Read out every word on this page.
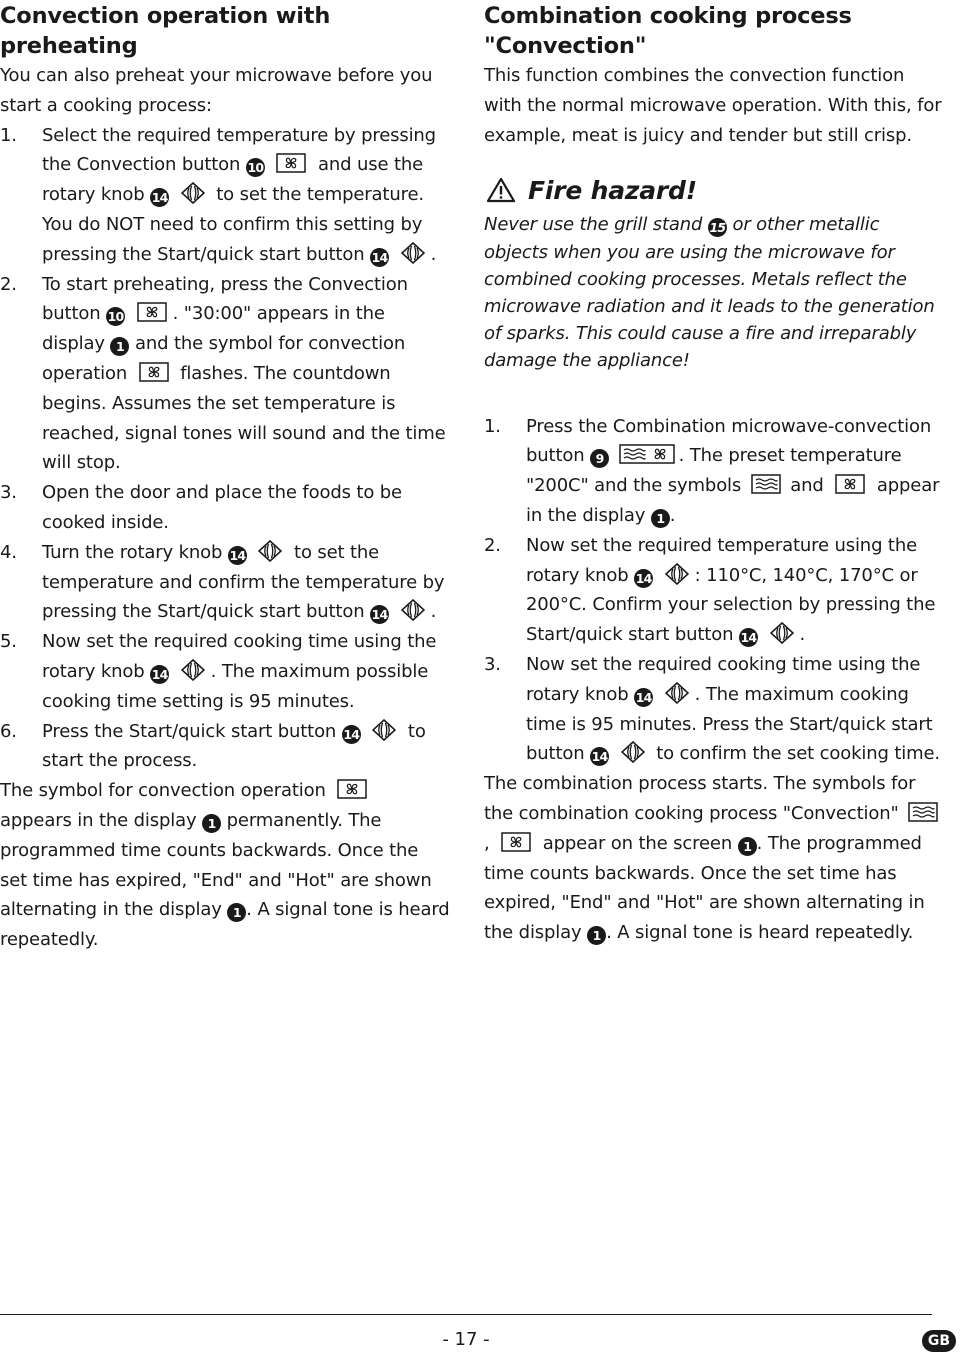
Convection operation with preheating

You can also preheat your microwave before you start a cooking process:

1. Select the required temperature by pressing the Convection button 10	and use the rotary knob 14	to set the temperature. You do NOT need to confirm this setting by pressing the Start/quick start button 14 .
2. To start preheating, press the Convection button 10	. "30:00" appears in the display 1 and the symbol for convection operation	flashes. The countdown begins. Assumes the set temperature is reached, signal tones will sound and the time will stop.
3. Open the door and place the foods to be cooked inside.
4. Turn the rotary knob 14	to set the temperature and confirm the temperature by pressing the Start/quick start button 14 .
5. Now set the required cooking time using the rotary knob 14 . The maximum possible cooking time setting is 95 minutes.
6. Press the Start/quick start button 14	to start the process.

The symbol for convection operation  appears in the display 1 permanently. The programmed time counts backwards. Once the set time has expired, "End" and "Hot" are shown alternating in the display 1 . A signal tone is heard repeatedly.

Combination cooking process
"Convection"

This function combines the convection function with the normal microwave operation. With this, for example, meat is juicy and tender but still crisp.

Fire hazard!

Never use the grill stand 15 or other metallic objects when you are using the microwave for combined cooking processes. Metals reflect the microwave radiation and it leads to the generation of sparks. This could cause a fire and irreparably damage the appliance!

1. Press the Combination microwave-convection button 9	. The preset temperature "200C" and the symbols	and	appear in the display 1 .
2. Now set the required temperature using the rotary knob 14 : 110°C, 140°C, 170°C or 200°C. Confirm your selection by pressing the Start/quick start button 14 .
3. Now set the required cooking time using the rotary knob 14 . The maximum cooking time is 95 minutes. Press the Start/quick start button 14	to confirm the set cooking time.

The combination process starts. The symbols for the combination cooking process "Convection" ,	appear on the screen 1 . The programmed time counts backwards. Once the set time has expired, "End" and "Hot" are shown alternating in the display 1 . A signal tone is heard repeatedly.

- 17 -	GB
